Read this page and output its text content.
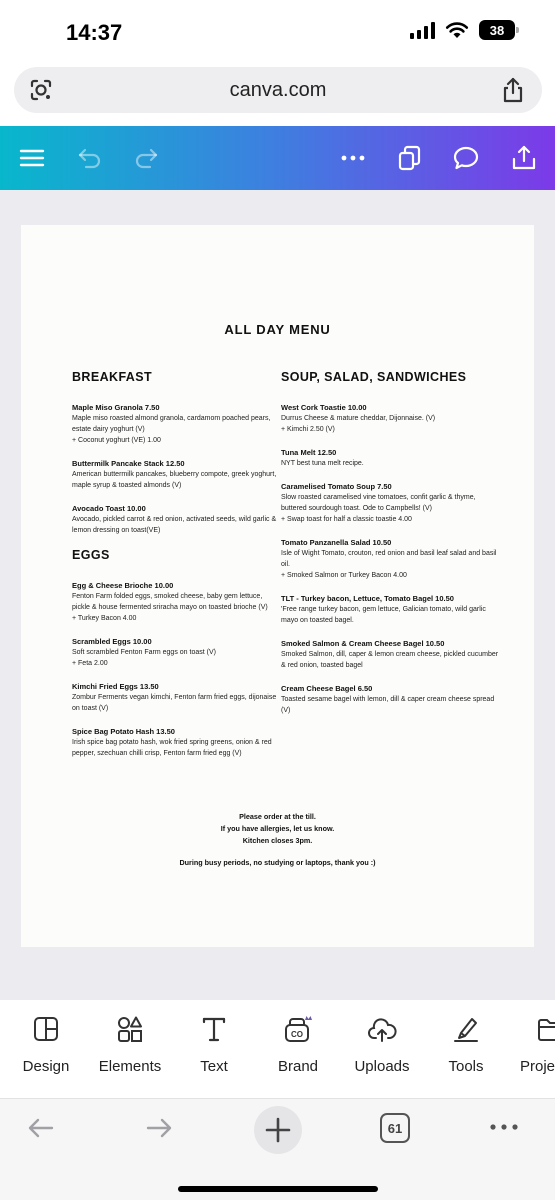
14:37	38
canva.com
ALL DAY MENU
BREAKFAST
Maple Miso Granola 7.50
Maple miso roasted almond granola, cardamom poached pears, estate dairy yoghurt (V)
+ Coconut yoghurt (VE) 1.00
Buttermilk Pancake Stack 12.50
American buttermilk pancakes, blueberry compote, greek yoghurt, maple syrup & toasted almonds (V)
Avocado Toast 10.00
Avocado, pickled carrot & red onion, activated seeds, wild garlic & lemon dressing on toast(VE)
EGGS
Egg & Cheese Brioche 10.00
Fenton Farm folded eggs, smoked cheese, baby gem lettuce, pickle & house fermented sriracha mayo on toasted brioche (V)
+ Turkey Bacon 4.00
Scrambled Eggs 10.00
Soft scrambled Fenton Farm eggs on toast (V)
+ Feta 2.00
Kimchi Fried Eggs 13.50
Zombur Ferments vegan kimchi, Fenton farm fried eggs, dijonaise on toast (V)
Spice Bag Potato Hash 13.50
Irish spice bag potato hash, wok fried spring greens, onion & red pepper, szechuan chilli crisp, Fenton farm fried egg (V)
SOUP, SALAD, SANDWICHES
West Cork Toastie 10.00
Durrus Cheese & mature cheddar, Dijonnaise. (V)
+ Kimchi 2.50 (V)
Tuna Melt 12.50
NYT best tuna melt recipe.
Caramelised Tomato Soup 7.50
Slow roasted caramelised vine tomatoes, confit garlic & thyme, buttered sourdough toast. Ode to Campbells! (V)
+ Swap toast for half a classic toastie 4.00
Tomato Panzanella Salad 10.50
Isle of Wight Tomato, crouton, red onion and basil leaf salad and basil oil.
+ Smoked Salmon or Turkey Bacon 4.00
TLT - Turkey bacon, Lettuce, Tomato Bagel 10.50
'Free range turkey bacon, gem lettuce, Galician tomato, wild garlic mayo on toasted bagel.
Smoked Salmon & Cream Cheese Bagel 10.50
Smoked Salmon, dill, caper & lemon cream cheese, pickled cucumber & red onion, toasted bagel
Cream Cheese Bagel 6.50
Toasted sesame bagel with lemon, dill & caper cream cheese spread (V)
Please order at the till.
If you have allergies, let us know.
Kitchen closes 3pm.
During busy periods, no studying or laptops, thank you :)
Design	Elements	Text
CO
Brand	Uploads	Tools	Proje
61
